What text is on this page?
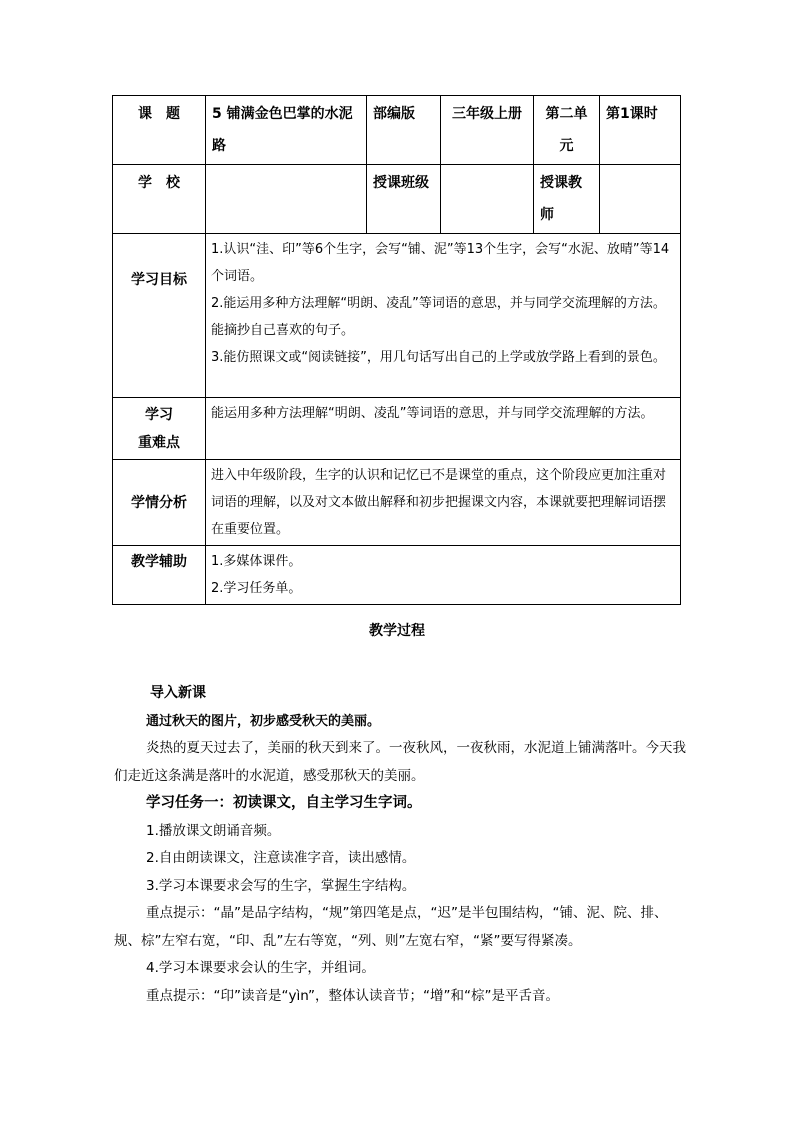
课　题	5 铺满金色巴掌的水泥路	部编版	三年级上册	第二单元	第1课时
学　校		授课班级		授课教师	
学习目标	1.认识“洼、印”等6个生字，会写“铺、泥”等13个生字，会写“水泥、放晴”等14个词语。

2.能运用多种方法理解“明朗、凌乱”等词语的意思，并与同学交流理解的方法。能摘抄自己喜欢的句子。

3.能仿照课文或“阅读链接”，用几句话写出自己的上学或放学路上看到的景色。				

学习
重难点	能运用多种方法理解“明朗、凌乱”等词语的意思，并与同学交流理解的方法。				
学情分析	进入中年级阶段，生字的认识和记忆已不是课堂的重点，这个阶段应更加注重对词语的理解，以及对文本做出解释和初步把握课文内容，本课就要把理解词语摆在重要位置。				
教学辅助	1.多媒体课件。

2.学习任务单。				

教学过程

导入新课

通过秋天的图片，初步感受秋天的美丽。

炎热的夏天过去了，美丽的秋天到来了。一夜秋风，一夜秋雨，水泥道上铺满落叶。今天我们走近这条满是落叶的水泥道，感受那秋天的美丽。

学习任务一：初读课文，自主学习生字词。

1.播放课文朗诵音频。

2.自由朗读课文，注意读准字音，读出感情。

3.学习本课要求会写的生字，掌握生字结构。

重点提示：“晶”是品字结构，“规”第四笔是点，“迟”是半包围结构，“铺、泥、院、排、规、棕”左窄右宽，“印、乱”左右等宽，“列、则”左宽右窄，“紧”要写得紧凑。

4.学习本课要求会认的生字，并组词。

重点提示：“印”读音是“yìn”，整体认读音节；“增”和“棕”是平舌音。
